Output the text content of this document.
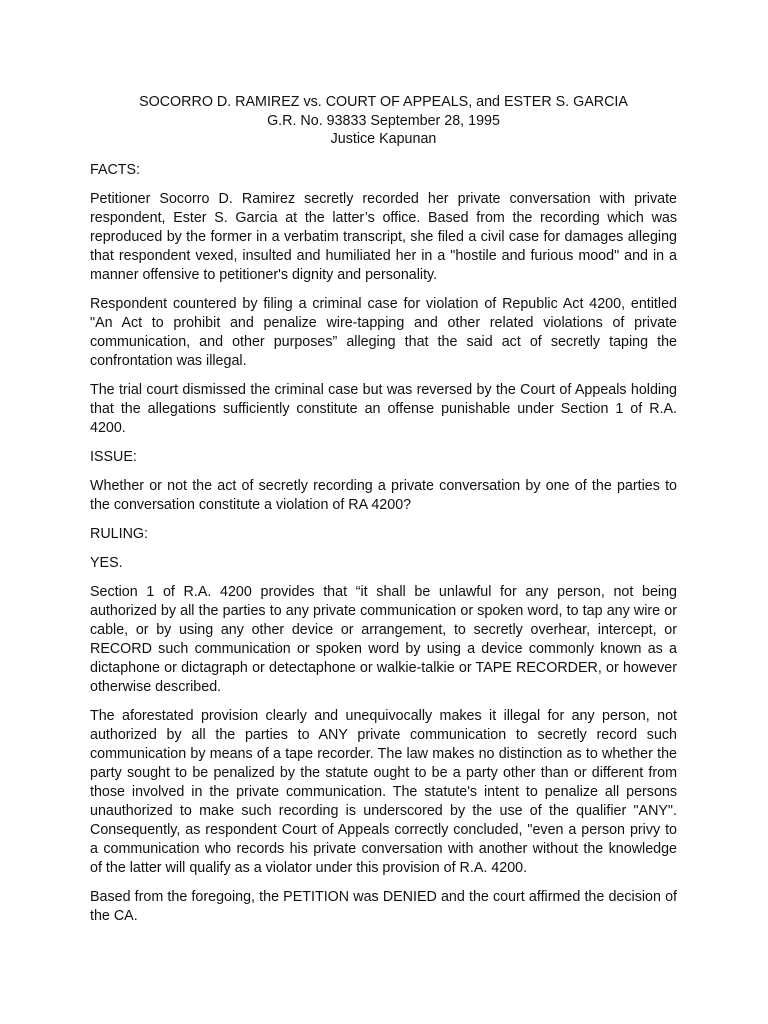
SOCORRO D. RAMIREZ vs. COURT OF APPEALS, and ESTER S. GARCIA
G.R. No. 93833 September 28, 1995
Justice Kapunan
FACTS:
Petitioner Socorro D. Ramirez secretly recorded her private conversation with private respondent, Ester S. Garcia at the latter’s office. Based from the recording which was reproduced by the former in a verbatim transcript, she filed a civil case for damages alleging that respondent vexed, insulted and humiliated her in a "hostile and furious mood" and in a manner offensive to petitioner's dignity and personality.
Respondent countered by filing a criminal case for violation of Republic Act 4200, entitled "An Act to prohibit and penalize wire-tapping and other related violations of private communication, and other purposes” alleging that the said act of secretly taping the confrontation was illegal.
The trial court dismissed the criminal case but was reversed by the Court of Appeals holding that the allegations sufficiently constitute an offense punishable under Section 1 of R.A. 4200.
ISSUE:
Whether or not the act of secretly recording a private conversation by one of the parties to the conversation constitute a violation of RA 4200?
RULING:
YES.
Section 1 of R.A. 4200 provides that “it shall be unlawful for any person, not being authorized by all the parties to any private communication or spoken word, to tap any wire or cable, or by using any other device or arrangement, to secretly overhear, intercept, or RECORD such communication or spoken word by using a device commonly known as a dictaphone or dictagraph or detectaphone or walkie-talkie or TAPE RECORDER, or however otherwise described.
The aforestated provision clearly and unequivocally makes it illegal for any person, not authorized by all the parties to ANY private communication to secretly record such communication by means of a tape recorder. The law makes no distinction as to whether the party sought to be penalized by the statute ought to be a party other than or different from those involved in the private communication. The statute's intent to penalize all persons unauthorized to make such recording is underscored by the use of the qualifier "ANY". Consequently, as respondent Court of Appeals correctly concluded, "even a person privy to a communication who records his private conversation with another without the knowledge of the latter will qualify as a violator under this provision of R.A. 4200.
Based from the foregoing, the PETITION was DENIED and the court affirmed the decision of the CA.
